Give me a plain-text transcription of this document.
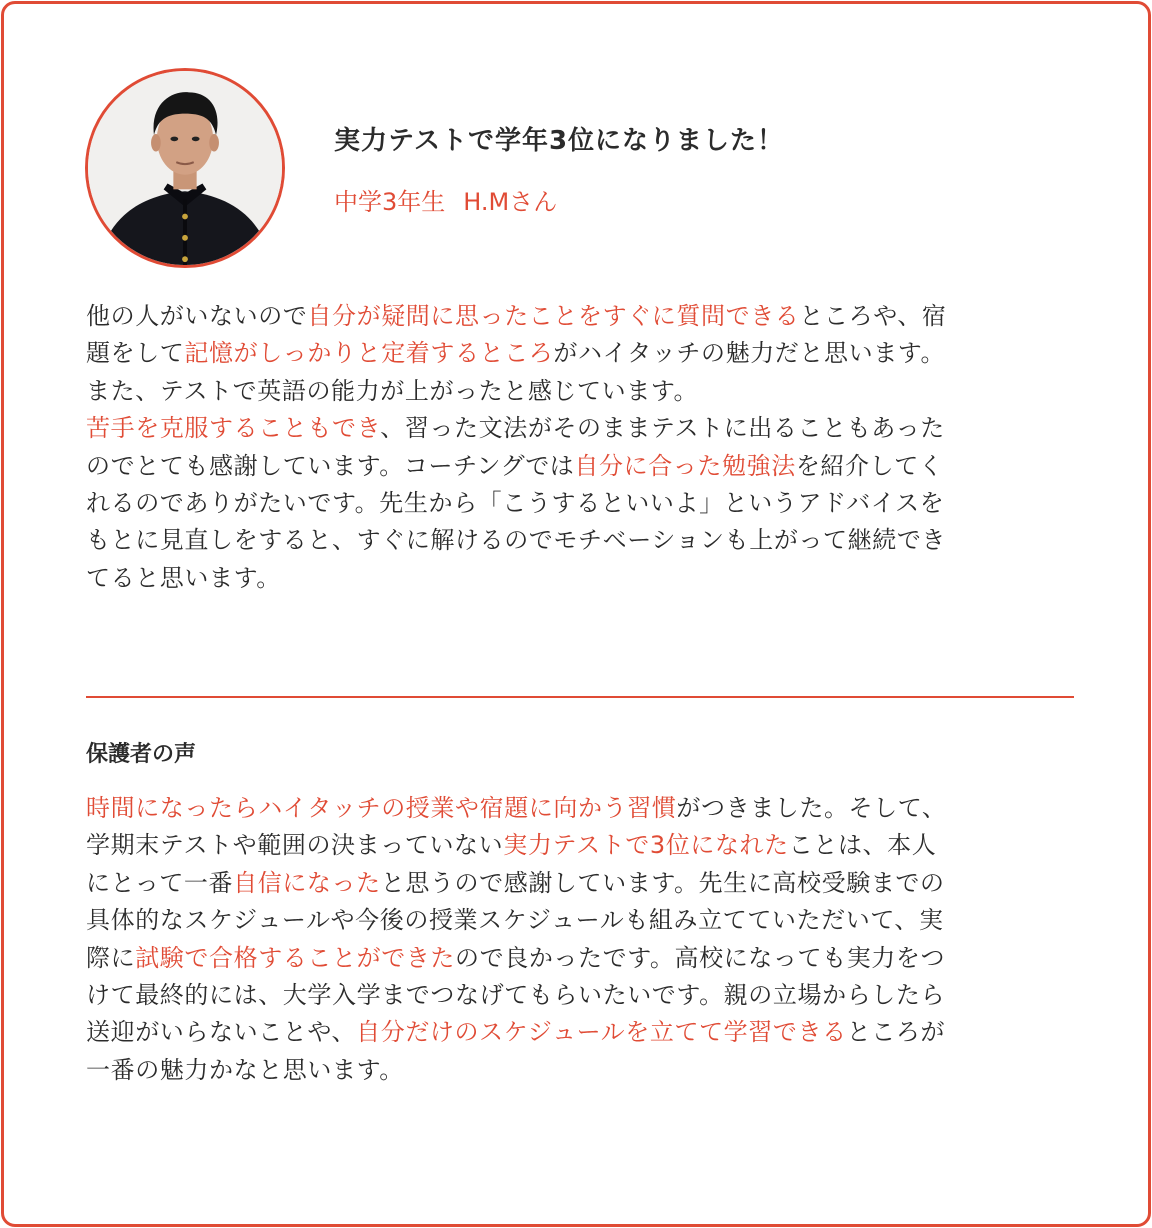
実力テストで学年3位になりました！
中学3年生 H.Mさん
他の人がいないので自分が疑問に思ったことをすぐに質問できるところや、宿
題をして記憶がしっかりと定着するところがハイタッチの魅力だと思います。
また、テストで英語の能力が上がったと感じています。
苦手を克服することもでき、習った文法がそのままテストに出ることもあった
のでとても感謝しています。コーチングでは自分に合った勉強法を紹介してく
れるのでありがたいです。先生から「こうするといいよ」というアドバイスを
もとに見直しをすると、すぐに解けるのでモチベーションも上がって継続でき
てると思います。
保護者の声
時間になったらハイタッチの授業や宿題に向かう習慣がつきました。そして、
学期末テストや範囲の決まっていない実力テストで3位になれたことは、本人
にとって一番自信になったと思うので感謝しています。先生に高校受験までの
具体的なスケジュールや今後の授業スケジュールも組み立てていただいて、実
際に試験で合格することができたので良かったです。高校になっても実力をつ
けて最終的には、大学入学までつなげてもらいたいです。親の立場からしたら
送迎がいらないことや、自分だけのスケジュールを立てて学習できるところが
一番の魅力かなと思います。
